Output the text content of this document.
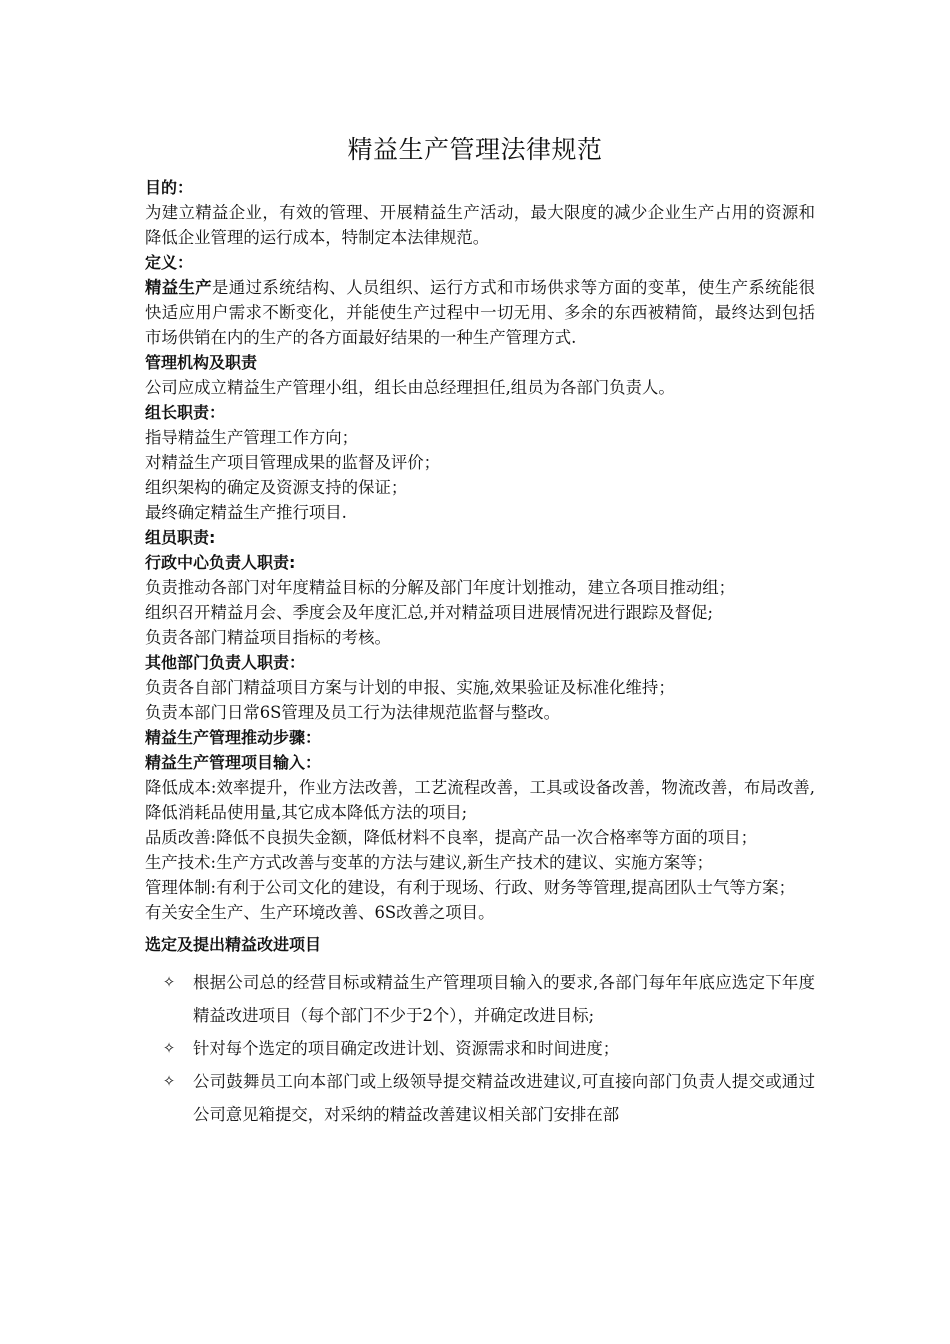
精益生产管理法律规范

目的：

为建立精益企业，有效的管理、开展精益生产活动，最大限度的减少企业生产占用的资源和降低企业管理的运行成本，特制定本法律规范。

定义：

精益生产是通过系统结构、人员组织、运行方式和市场供求等方面的变革，使生产系统能很快适应用户需求不断变化，并能使生产过程中一切无用、多余的东西被精简，最终达到包括市场供销在内的生产的各方面最好结果的一种生产管理方式.

管理机构及职责

公司应成立精益生产管理小组，组长由总经理担任,组员为各部门负责人。

组长职责：

指导精益生产管理工作方向；

对精益生产项目管理成果的监督及评价；

组织架构的确定及资源支持的保证；

最终确定精益生产推行项目.

组员职责:

行政中心负责人职责:

负责推动各部门对年度精益目标的分解及部门年度计划推动，建立各项目推动组；

组织召开精益月会、季度会及年度汇总,并对精益项目进展情况进行跟踪及督促;

负责各部门精益项目指标的考核。

其他部门负责人职责：

负责各自部门精益项目方案与计划的申报、实施,效果验证及标准化维持；

负责本部门日常6S管理及员工行为法律规范监督与整改。

精益生产管理推动步骤：

精益生产管理项目输入：

降低成本:效率提升，作业方法改善，工艺流程改善，工具或设备改善，物流改善，布局改善,降低消耗品使用量,其它成本降低方法的项目;

品质改善:降低不良损失金额，降低材料不良率，提高产品一次合格率等方面的项目；

生产技术:生产方式改善与变革的方法与建议,新生产技术的建议、实施方案等；

管理体制:有利于公司文化的建设，有利于现场、行政、财务等管理,提高团队士气等方案；

有关安全生产、生产环境改善、6S改善之项目。

选定及提出精益改进项目

✧ 根据公司总的经营目标或精益生产管理项目输入的要求,各部门每年年底应选定下年度精益改进项目（每个部门不少于2个），并确定改进目标;
✧ 针对每个选定的项目确定改进计划、资源需求和时间进度；
✧ 公司鼓舞员工向本部门或上级领导提交精益改进建议,可直接向部门负责人提交或通过公司意见箱提交，对采纳的精益改善建议相关部门安排在部
